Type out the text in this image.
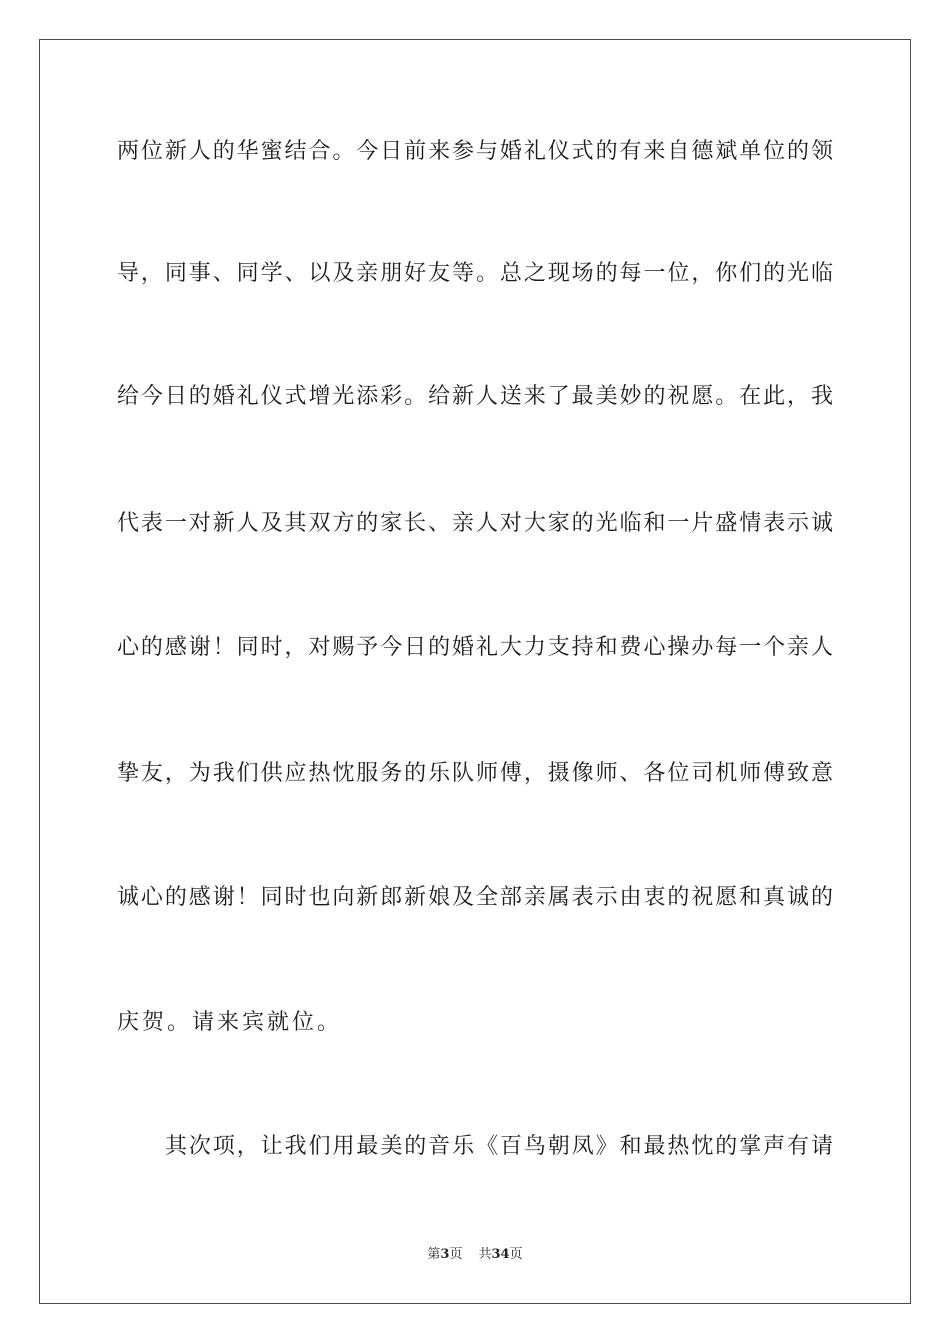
两位新人的华蜜结合。今日前来参与婚礼仪式的有来自德斌单位的领
导，同事、同学、以及亲朋好友等。总之现场的每一位，你们的光临
给今日的婚礼仪式增光添彩。给新人送来了最美妙的祝愿。在此，我
代表一对新人及其双方的家长、亲人对大家的光临和一片盛情表示诚
心的感谢！同时，对赐予今日的婚礼大力支持和费心操办每一个亲人
挚友，为我们供应热忱服务的乐队师傅，摄像师、各位司机师傅致意
诚心的感谢！同时也向新郎新娘及全部亲属表示由衷的祝愿和真诚的
庆贺。请来宾就位。
其次项，让我们用最美的音乐《百鸟朝凤》和最热忱的掌声有请
第3页 共34页
